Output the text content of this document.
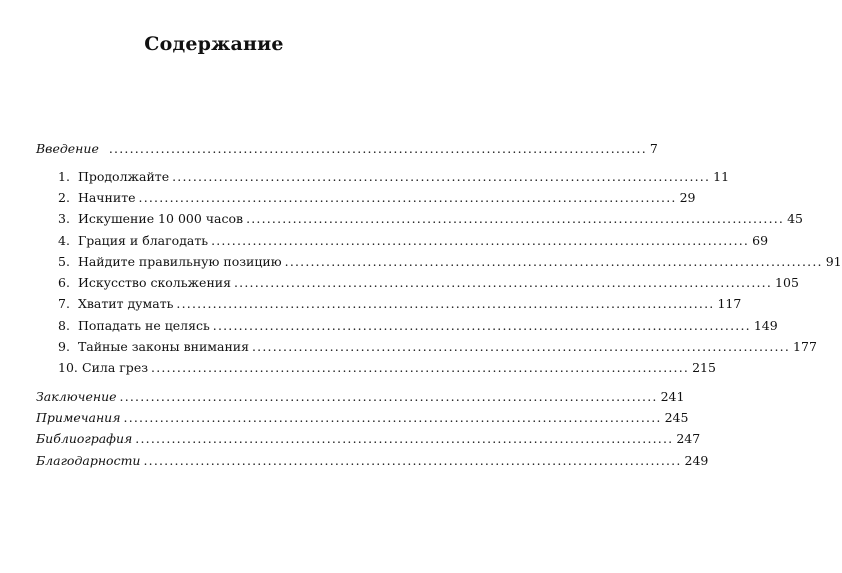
Содержание
Введение ........................................................................................................ 7
1. Продолжайте ........................................................................................................ 11
2. Начните ........................................................................................................ 29
3. Искушение 10 000 часов ........................................................................................................ 45
4. Грация и благодать ........................................................................................................ 69
5. Найдите правильную позицию ........................................................................................................ 91
6. Искусство скольжения ........................................................................................................ 105
7. Хватит думать ........................................................................................................ 117
8. Попадать не целясь ........................................................................................................ 149
9. Тайные законы внимания ........................................................................................................ 177
10. Сила грез ........................................................................................................ 215
Заключение ........................................................................................................ 241
Примечания ........................................................................................................ 245
Библиография ........................................................................................................ 247
Благодарности ........................................................................................................ 249
